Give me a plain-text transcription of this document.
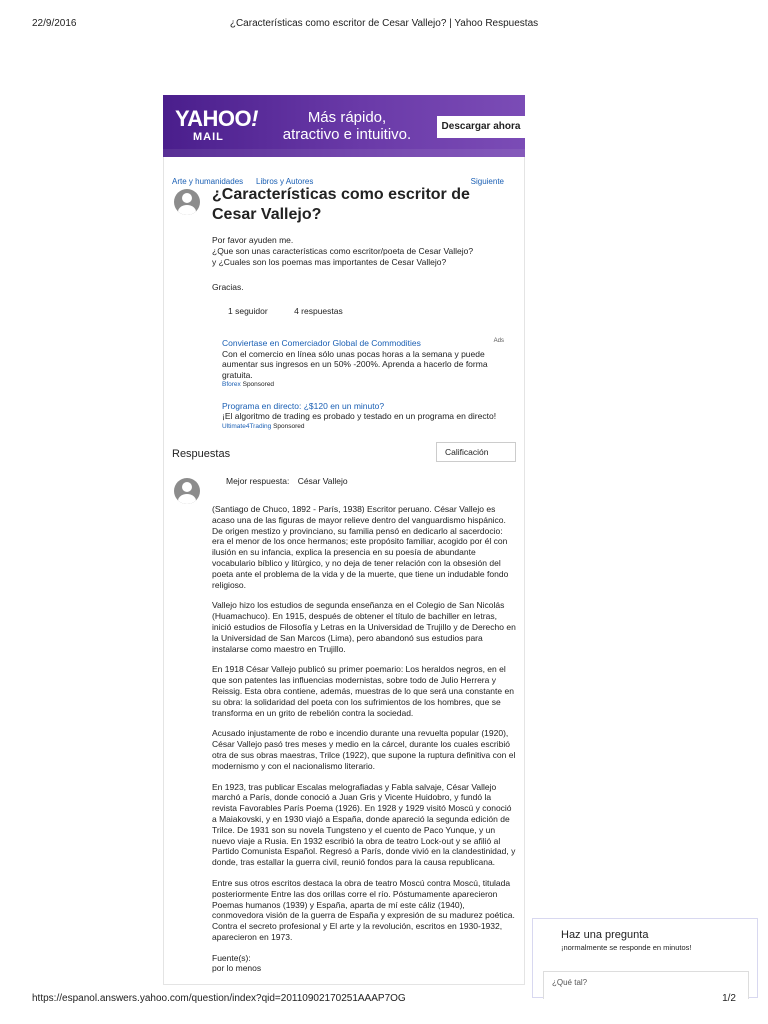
22/9/2016	¿Características como escritor de Cesar Vallejo? | Yahoo Respuestas
YAHOO!
MAIL
Más rápido,
atractivo e intuitivo.	Descargar ahora
Arte y humanidades Libros y Autores	Siguiente
¿Características como escritor de Cesar Vallejo?

Por favor ayuden me.

¿Que son unas características como escritor/poeta de Cesar Vallejo?

y ¿Cuales son los poemas mas importantes de Cesar Vallejo?

Gracias.
1 seguidor	4 respuestas
Ads
Conviertase en Comerciador Global de Commodities
Con el comercio en línea sólo unas pocas horas a la semana y puede aumentar sus ingresos en un 50% -200%. Aprenda a hacerlo de forma gratuita.
Bforex Sponsored
Programa en directo: ¿$120 en un minuto?
¡El algoritmo de trading es probado y testado en un programa en directo!
Ultimate4Trading Sponsored
Respuestas	Calificación
Mejor respuesta: César Vallejo

(Santiago de Chuco, 1892 - París, 1938) Escritor peruano. César Vallejo es acaso una de las figuras de mayor relieve dentro del vanguardismo hispánico. De origen mestizo y provinciano, su familia pensó en dedicarlo al sacerdocio: era el menor de los once hermanos; este propósito familiar, acogido por él con ilusión en su infancia, explica la presencia en su poesía de abundante vocabulario bíblico y litúrgico, y no deja de tener relación con la obsesión del poeta ante el problema de la vida y de la muerte, que tiene un indudable fondo religioso.

Vallejo hizo los estudios de segunda enseñanza en el Colegio de San Nicolás (Huamachuco). En 1915, después de obtener el título de bachiller en letras, inició estudios de Filosofía y Letras en la Universidad de Trujillo y de Derecho en la Universidad de San Marcos (Lima), pero abandonó sus estudios para instalarse como maestro en Trujillo.

En 1918 César Vallejo publicó su primer poemario: Los heraldos negros, en el que son patentes las influencias modernistas, sobre todo de Julio Herrera y Reissig. Esta obra contiene, además, muestras de lo que será una constante en su obra: la solidaridad del poeta con los sufrimientos de los hombres, que se transforma en un grito de rebelión contra la sociedad.

Acusado injustamente de robo e incendio durante una revuelta popular (1920), César Vallejo pasó tres meses y medio en la cárcel, durante los cuales escribió otra de sus obras maestras, Trilce (1922), que supone la ruptura definitiva con el modernismo y con el nacionalismo literario.

En 1923, tras publicar Escalas melografiadas y Fabla salvaje, César Vallejo marchó a París, donde conoció a Juan Gris y Vicente Huidobro, y fundó la revista Favorables París Poema (1926). En 1928 y 1929 visitó Moscú y conoció a Maiakovski, y en 1930 viajó a España, donde apareció la segunda edición de Trilce. De 1931 son su novela Tungsteno y el cuento de Paco Yunque, y un nuevo viaje a Rusia. En 1932 escribió la obra de teatro Lock-out y se afilió al Partido Comunista Español. Regresó a París, donde vivió en la clandestinidad, y donde, tras estallar la guerra civil, reunió fondos para la causa republicana.

Entre sus otros escritos destaca la obra de teatro Moscú contra Moscú, titulada posteriormente Entre las dos orillas corre el río. Póstumamente aparecieron Poemas humanos (1939) y España, aparta de mí este cáliz (1940), conmovedora visión de la guerra de España y expresión de su madurez poética. Contra el secreto profesional y El arte y la revolución, escritos en 1930-1932, aparecieron en 1973.

Fuente(s):
por lo menos
Haz una pregunta
¡normalmente se responde en minutos!
¿Qué tal?
https://espanol.answers.yahoo.com/question/index?qid=20110902170251AAAP7OG	1/2
